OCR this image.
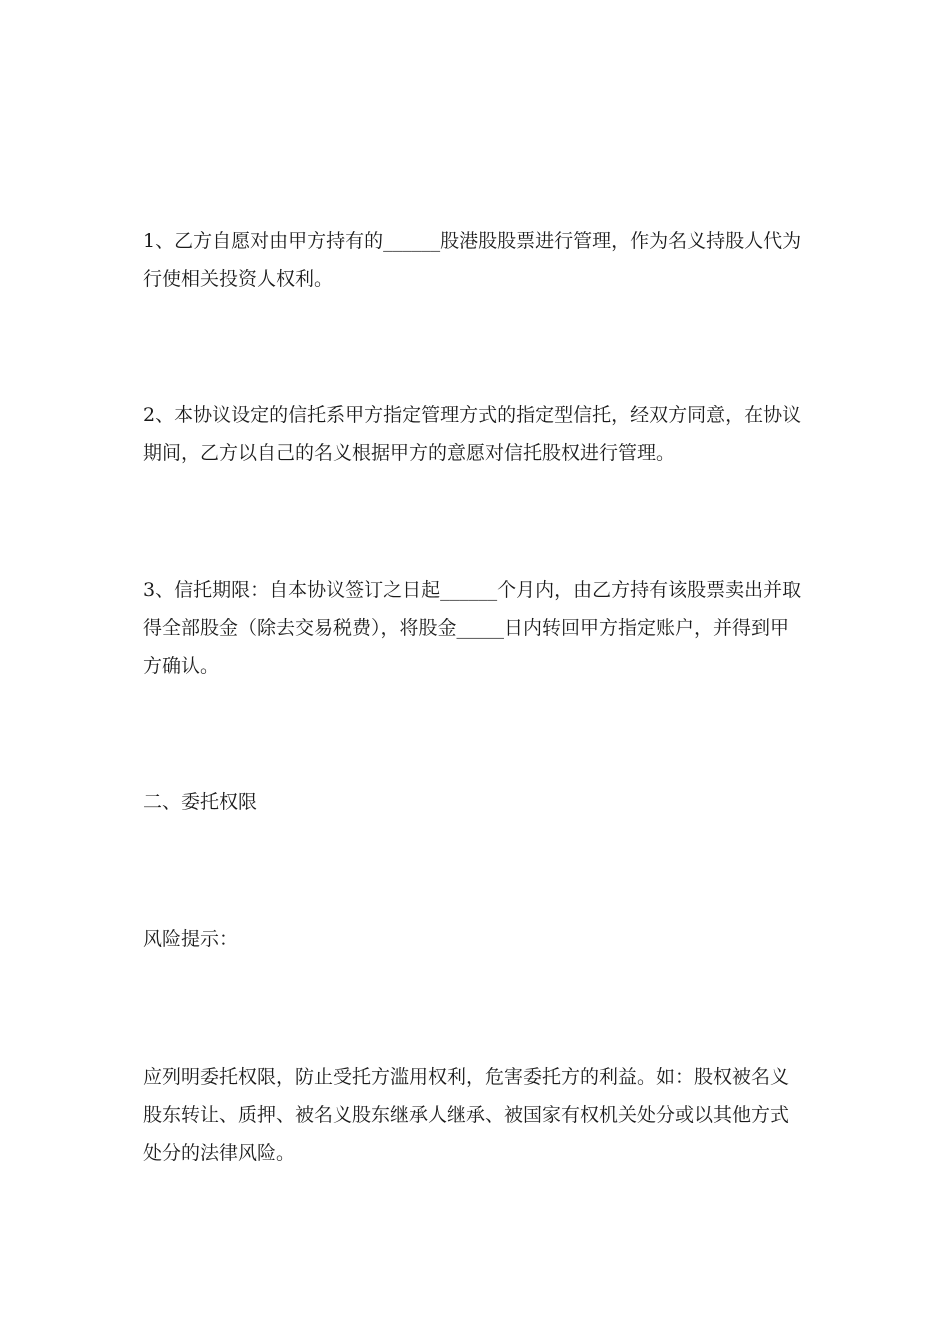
1、乙方自愿对由甲方持有的______股港股股票进行管理，作为名义持股人代为
行使相关投资人权利。

2、本协议设定的信托系甲方指定管理方式的指定型信托，经双方同意，在协议
期间，乙方以自己的名义根据甲方的意愿对信托股权进行管理。

3、信托期限：自本协议签订之日起______个月内，由乙方持有该股票卖出并取
得全部股金（除去交易税费），将股金_____日内转回甲方指定账户，并得到甲
方确认。

二、委托权限

风险提示：

应列明委托权限，防止受托方滥用权利，危害委托方的利益。如：股权被名义
股东转让、质押、被名义股东继承人继承、被国家有权机关处分或以其他方式
处分的法律风险。
